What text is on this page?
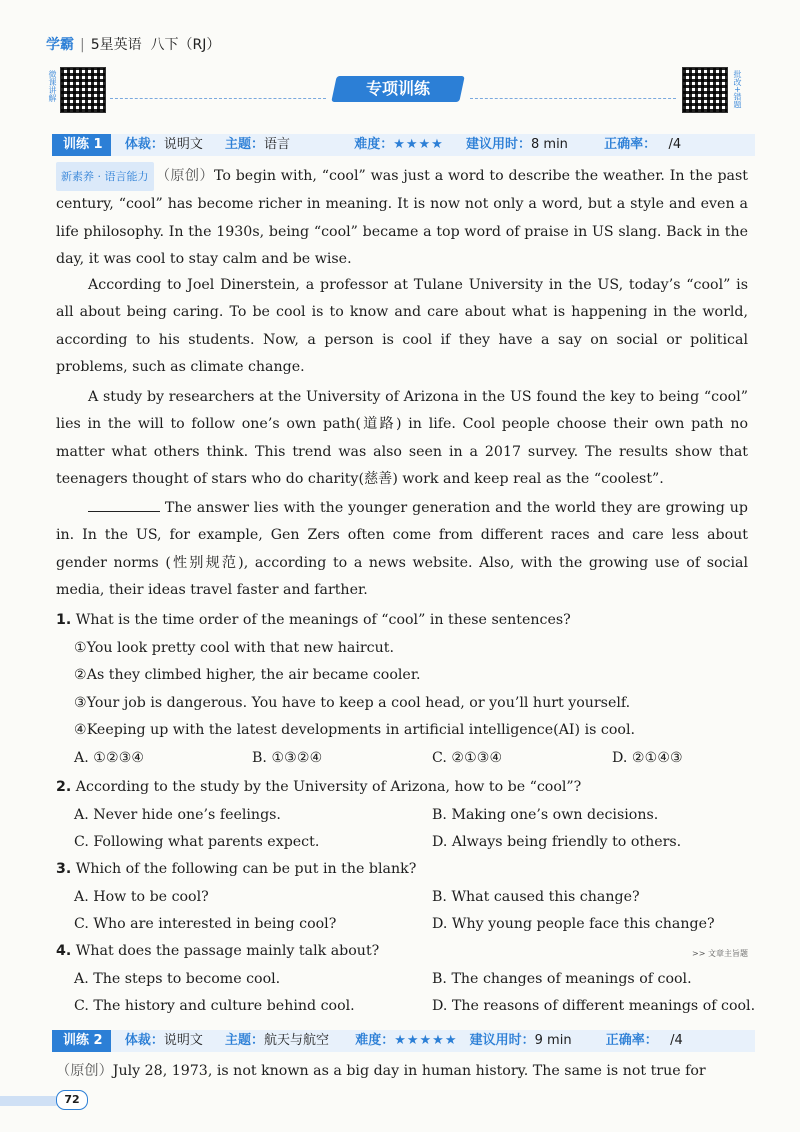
学霸 | 5星英语 八下（RJ）
微课讲解	专项训练	批改+错题
训练 1 体裁：说明文 主题：语言	难度：★★★★ 建议用时：8 min	正确率： /4

新素养 · 语言能力 （原创）To begin with, “cool” was just a word to describe the weather. In the past century, “cool” has become richer in meaning. It is now not only a word, but a style and even a life philosophy. In the 1930s, being “cool” became a top word of praise in US slang. Back in the day, it was cool to stay calm and be wise.

According to Joel Dinerstein, a professor at Tulane University in the US, today’s “cool” is all about being caring. To be cool is to know and care about what is happening in the world, according to his students. Now, a person is cool if they have a say on social or political problems, such as climate change.

A study by researchers at the University of Arizona in the US found the key to being “cool” lies in the will to follow one’s own path(道路) in life. Cool people choose their own path no matter what others think. This trend was also seen in a 2017 survey. The results show that teenagers thought of stars who do charity(慈善) work and keep real as the “coolest”.

The answer lies with the younger generation and the world they are growing up in. In the US, for example, Gen Zers often come from different races and care less about gender norms (性别规范), according to a news website. Also, with the growing use of social media, their ideas travel faster and farther.

1. What is the time order of the meanings of “cool” in these sentences?
①You look pretty cool with that new haircut.
②As they climbed higher, the air became cooler.
③Your job is dangerous. You have to keep a cool head, or you’ll hurt yourself.
④Keeping up with the latest developments in artificial intelligence(AI) is cool.
A. ①②③④	B. ①③②④	C. ②①③④	D. ②①④③
2. According to the study by the University of Arizona, how to be “cool”?
A. Never hide one’s feelings.	B. Making one’s own decisions.
C. Following what parents expect.	D. Always being friendly to others.
3. Which of the following can be put in the blank?
A. How to be cool?	B. What caused this change?
C. Who are interested in being cool?	D. Why young people face this change?
4. What does the passage mainly talk about?	>> 文章主旨题
A. The steps to become cool.	B. The changes of meanings of cool.
C. The history and culture behind cool.	D. The reasons of different meanings of cool.
训练 2 体裁：说明文 主题：航天与航空 难度：★★★★★ 建议用时：9 min	正确率： /4

（原创）July 28, 1973, is not known as a big day in human history. The same is not true for

72
